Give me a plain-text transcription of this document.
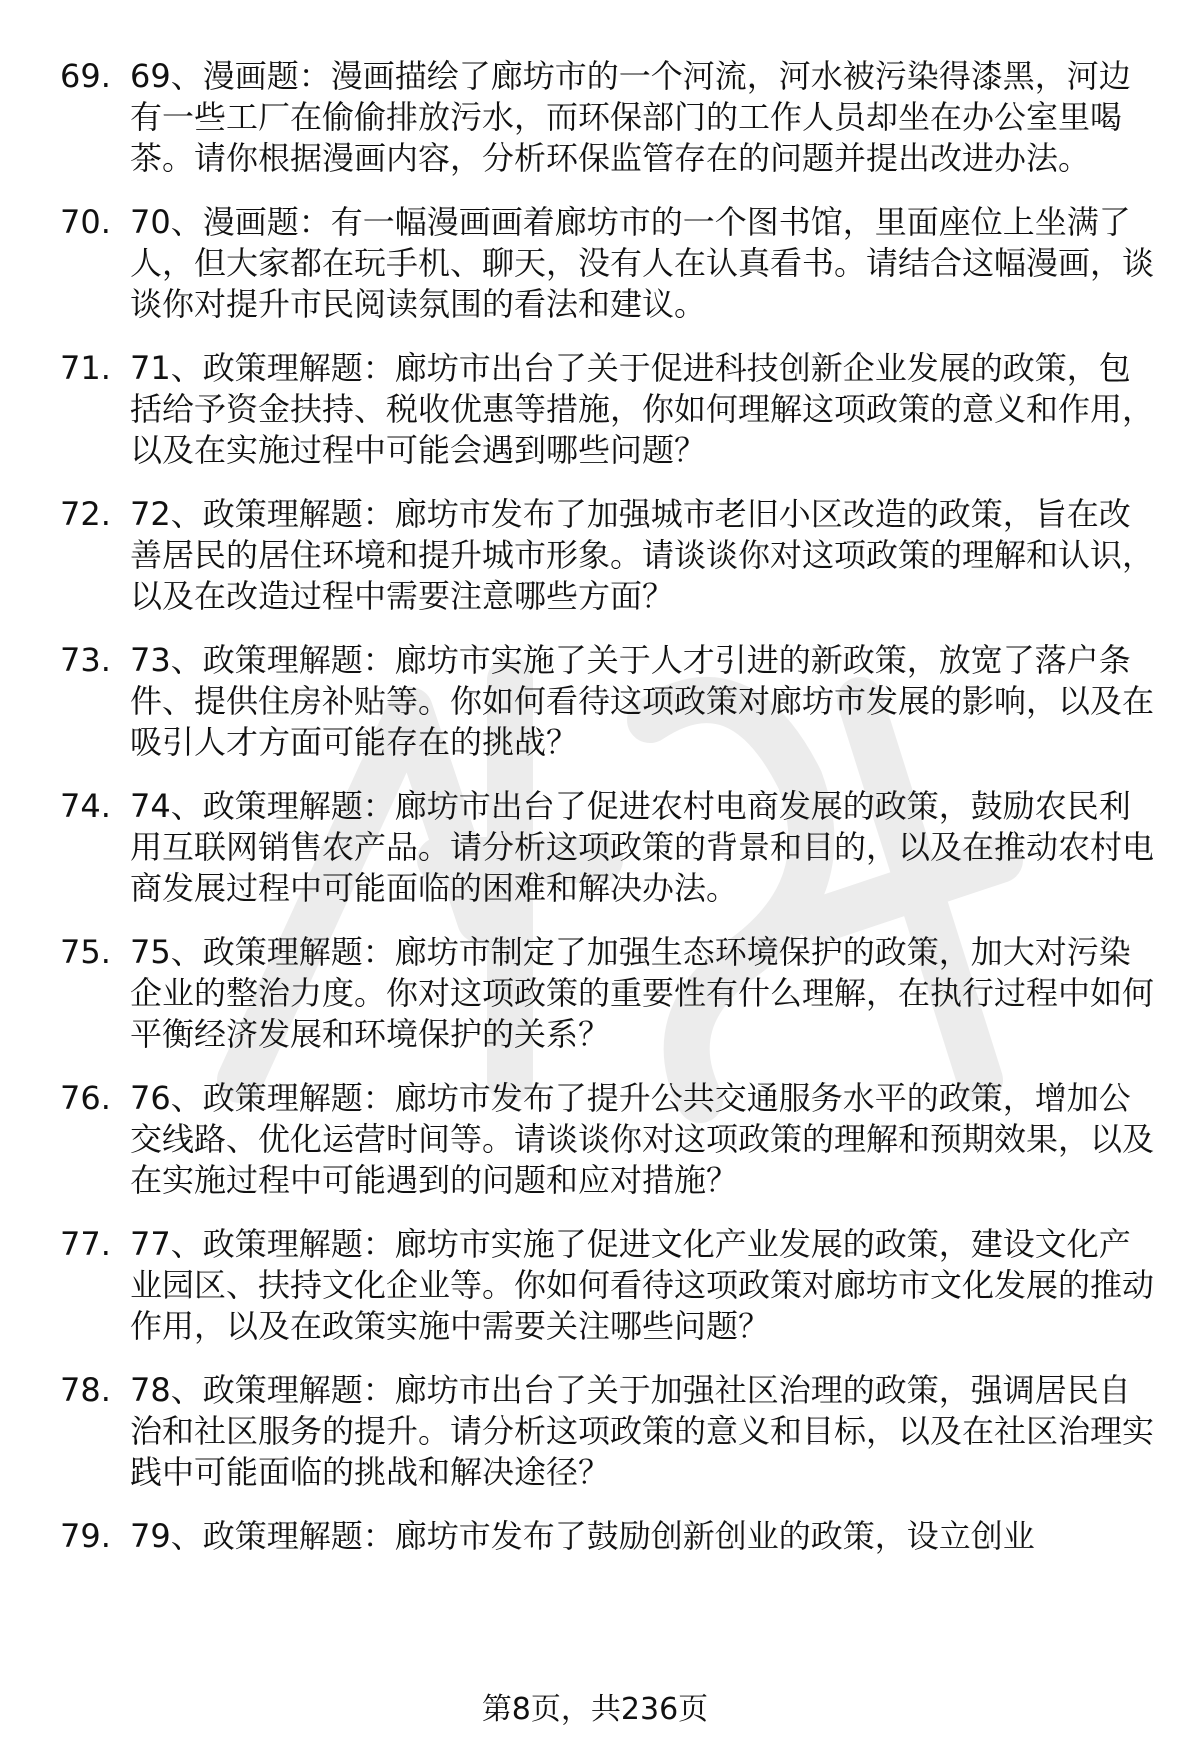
69. 69、漫画题：漫画描绘了廊坊市的一个河流，河水被污染得漆黑，河边有一些工厂在偷偷排放污水，而环保部门的工作人员却坐在办公室里喝茶。请你根据漫画内容，分析环保监管存在的问题并提出改进办法。
70. 70、漫画题：有一幅漫画画着廊坊市的一个图书馆，里面座位上坐满了人，但大家都在玩手机、聊天，没有人在认真看书。请结合这幅漫画，谈谈你对提升市民阅读氛围的看法和建议。
71. 71、政策理解题：廊坊市出台了关于促进科技创新企业发展的政策，包括给予资金扶持、税收优惠等措施，你如何理解这项政策的意义和作用，以及在实施过程中可能会遇到哪些问题？
72. 72、政策理解题：廊坊市发布了加强城市老旧小区改造的政策，旨在改善居民的居住环境和提升城市形象。请谈谈你对这项政策的理解和认识，以及在改造过程中需要注意哪些方面？
73. 73、政策理解题：廊坊市实施了关于人才引进的新政策，放宽了落户条件、提供住房补贴等。你如何看待这项政策对廊坊市发展的影响，以及在吸引人才方面可能存在的挑战？
74. 74、政策理解题：廊坊市出台了促进农村电商发展的政策，鼓励农民利用互联网销售农产品。请分析这项政策的背景和目的，以及在推动农村电商发展过程中可能面临的困难和解决办法。
75. 75、政策理解题：廊坊市制定了加强生态环境保护的政策，加大对污染企业的整治力度。你对这项政策的重要性有什么理解，在执行过程中如何平衡经济发展和环境保护的关系？
76. 76、政策理解题：廊坊市发布了提升公共交通服务水平的政策，增加公交线路、优化运营时间等。请谈谈你对这项政策的理解和预期效果，以及在实施过程中可能遇到的问题和应对措施？
77. 77、政策理解题：廊坊市实施了促进文化产业发展的政策，建设文化产业园区、扶持文化企业等。你如何看待这项政策对廊坊市文化发展的推动作用，以及在政策实施中需要关注哪些问题？
78. 78、政策理解题：廊坊市出台了关于加强社区治理的政策，强调居民自治和社区服务的提升。请分析这项政策的意义和目标，以及在社区治理实践中可能面临的挑战和解决途径？
79. 79、政策理解题：廊坊市发布了鼓励创新创业的政策，设立创业
第8页，共236页
